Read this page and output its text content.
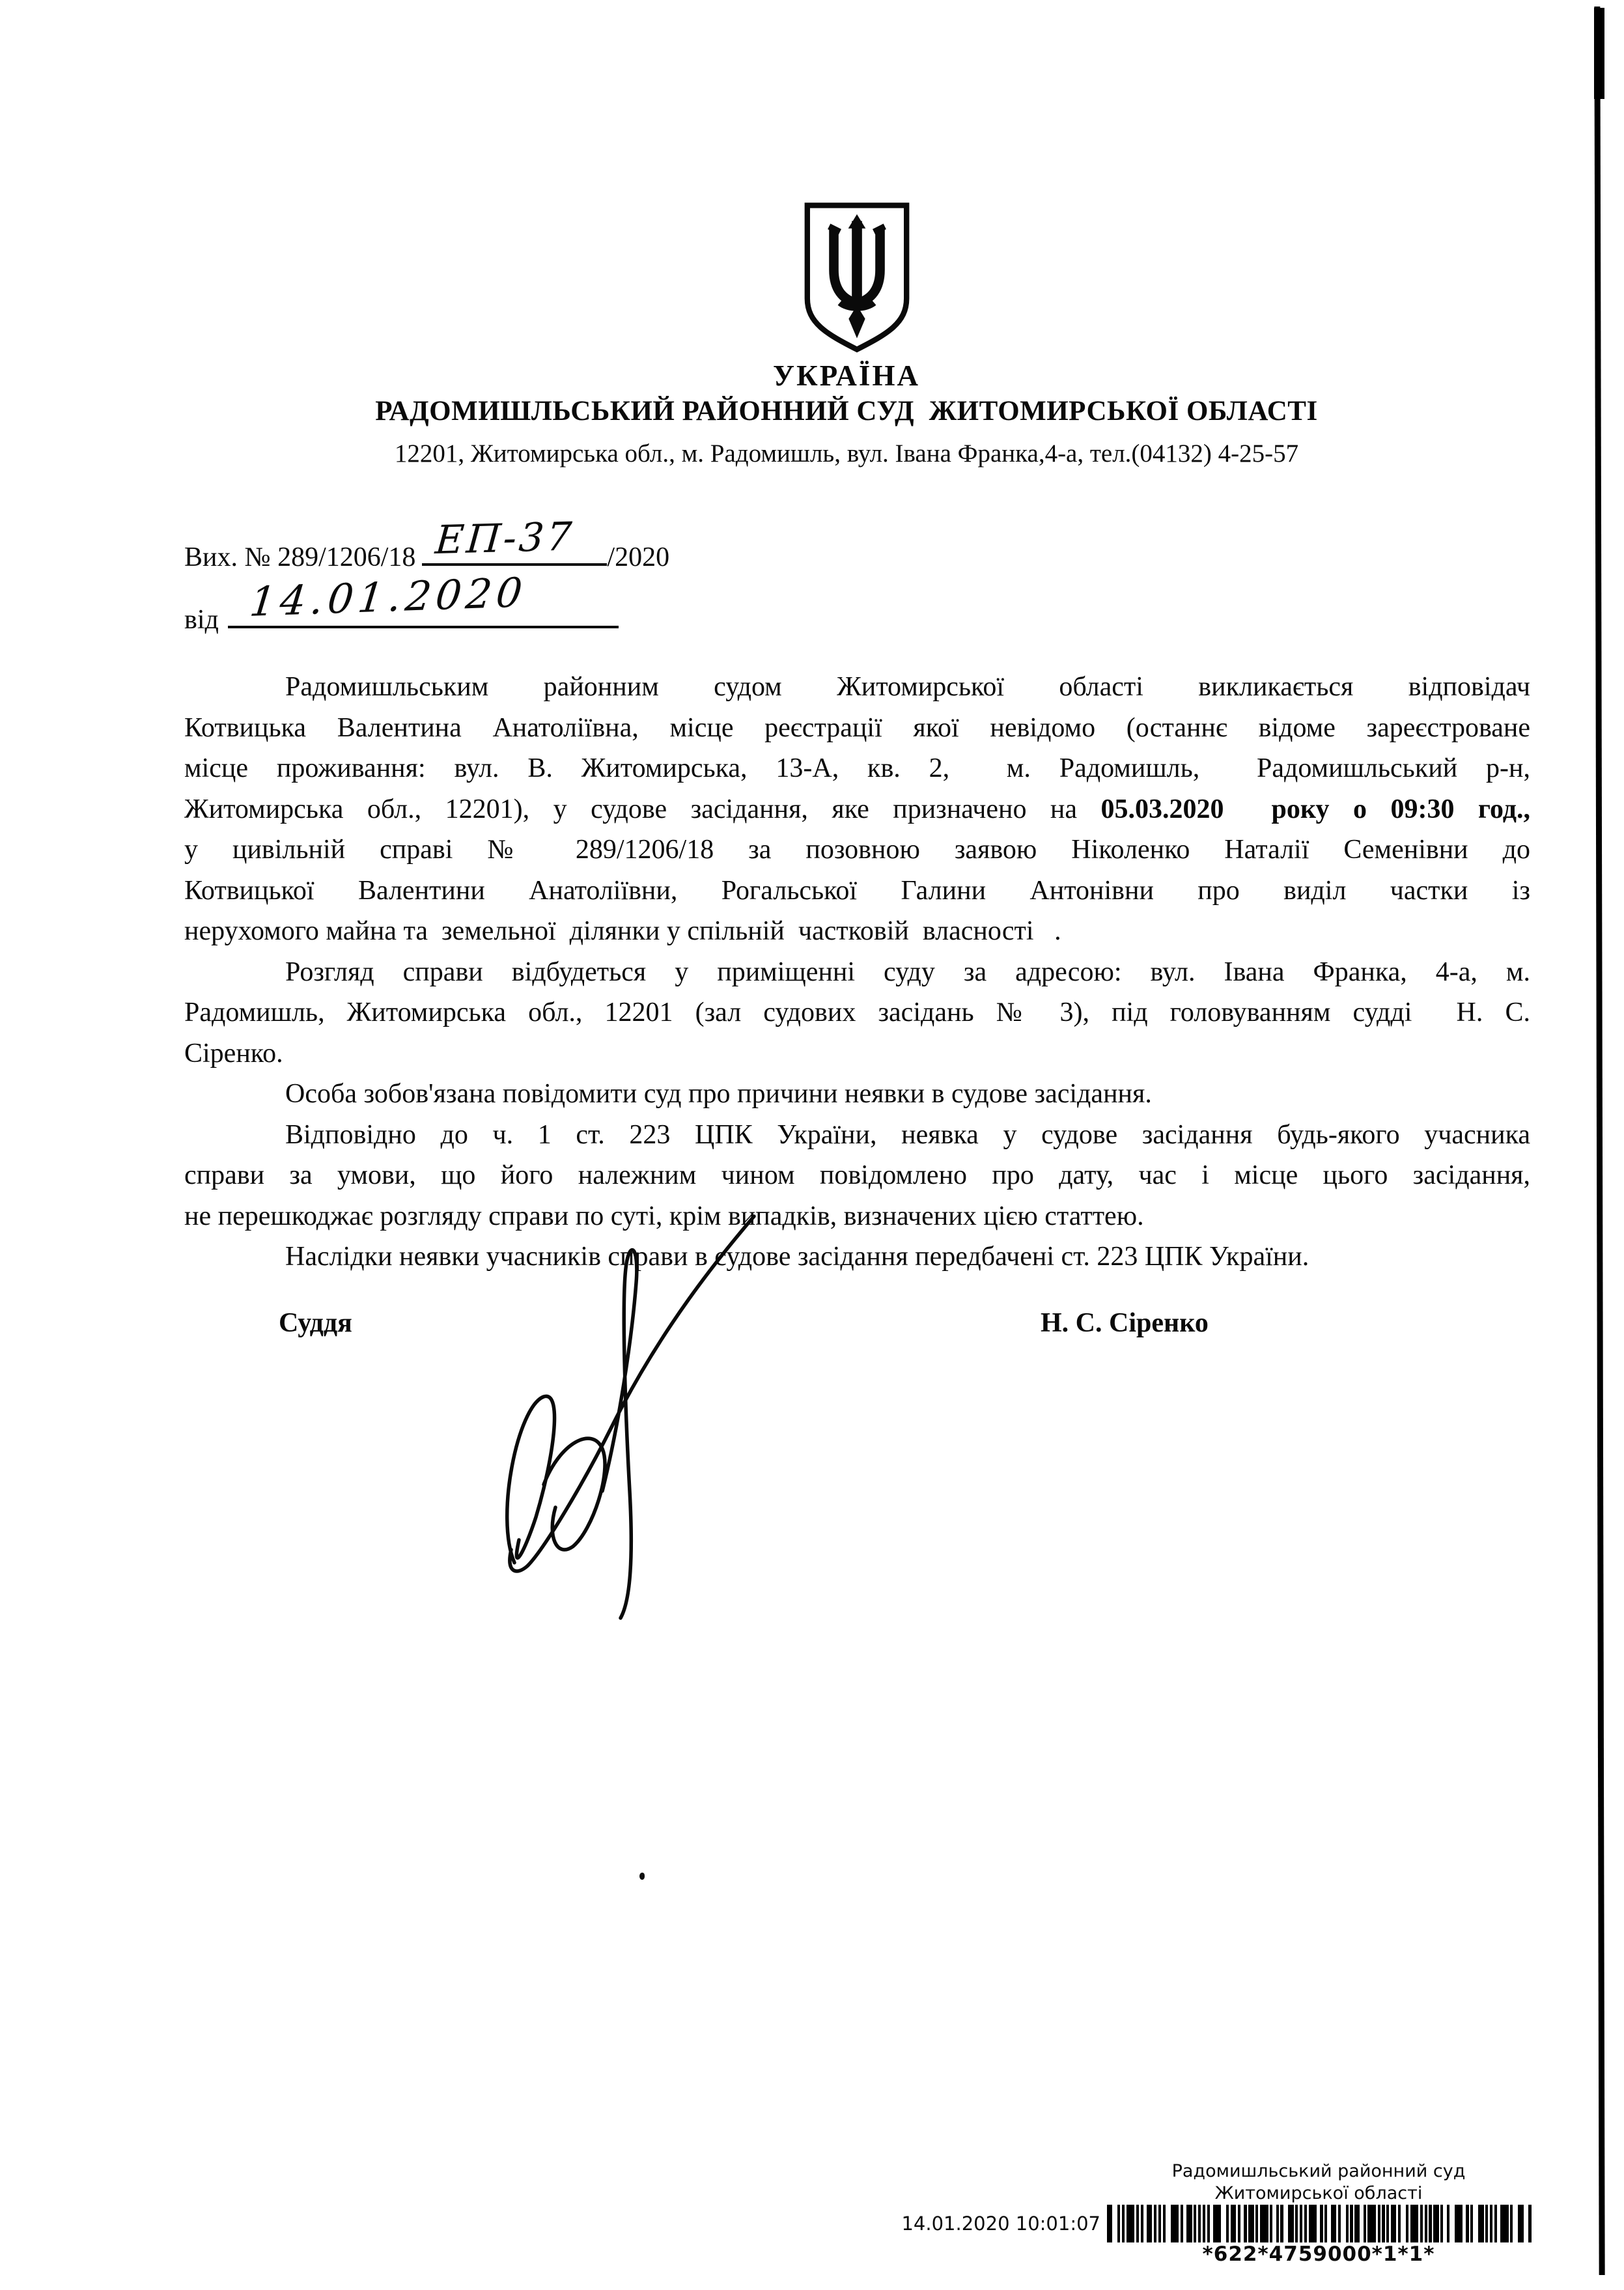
УКРАЇНА
РАДОМИШЛЬСЬКИЙ РАЙОННИЙ СУД  ЖИТОМИРСЬКОЇ ОБЛАСТІ
12201, Житомирська обл., м. Радомишль, вул. Івана Франка,4-а, тел.(04132) 4-25-57
Вих. № 289/1206/18 ЕП-37 /2020
від 14.01.2020
Радомишльським районним судом Житомирської області викликається відповідач
Котвицька Валентина Анатоліївна, місце реєстрації якої невідомо (останнє відоме зареєстроване
місце проживання: вул. В. Житомирська, 13-А, кв. 2,  м. Радомишль,  Радомишльський р-н,
Житомирська обл., 12201), у судове засідання, яке призначено на 05.03.2020  року о 09:30 год.,
у цивільній справі № 289/1206/18 за позовною заявою Ніколенко Наталії Семенівни до
Котвицької Валентини Анатоліївни, Рогальської Галини Антонівни про виділ частки із
нерухомого майна та  земельної  ділянки у спільній  частковій  власності   .
Розгляд справи відбудеться у приміщенні суду за адресою: вул. Івана Франка, 4-а, м.
Радомишль, Житомирська обл., 12201 (зал судових засідань № 3), під головуванням судді  Н. С.
Сіренко.
Особа зобов'язана повідомити суд про причини неявки в судове засідання.
Відповідно до ч. 1 ст. 223 ЦПК України, неявка у судове засідання будь-якого учасника
справи за умови, що його належним чином повідомлено про дату, час і місце цього засідання,
не перешкоджає розгляду справи по суті, крім випадків, визначених цією статтею.
Наслідки неявки учасників справи в судове засідання передбачені ст. 223 ЦПК України.
Суддя	Н. С. Сіренко
Радомишльський районний суд
Житомирської області
14.01.2020 10:01:07
*622*4759000*1*1*
